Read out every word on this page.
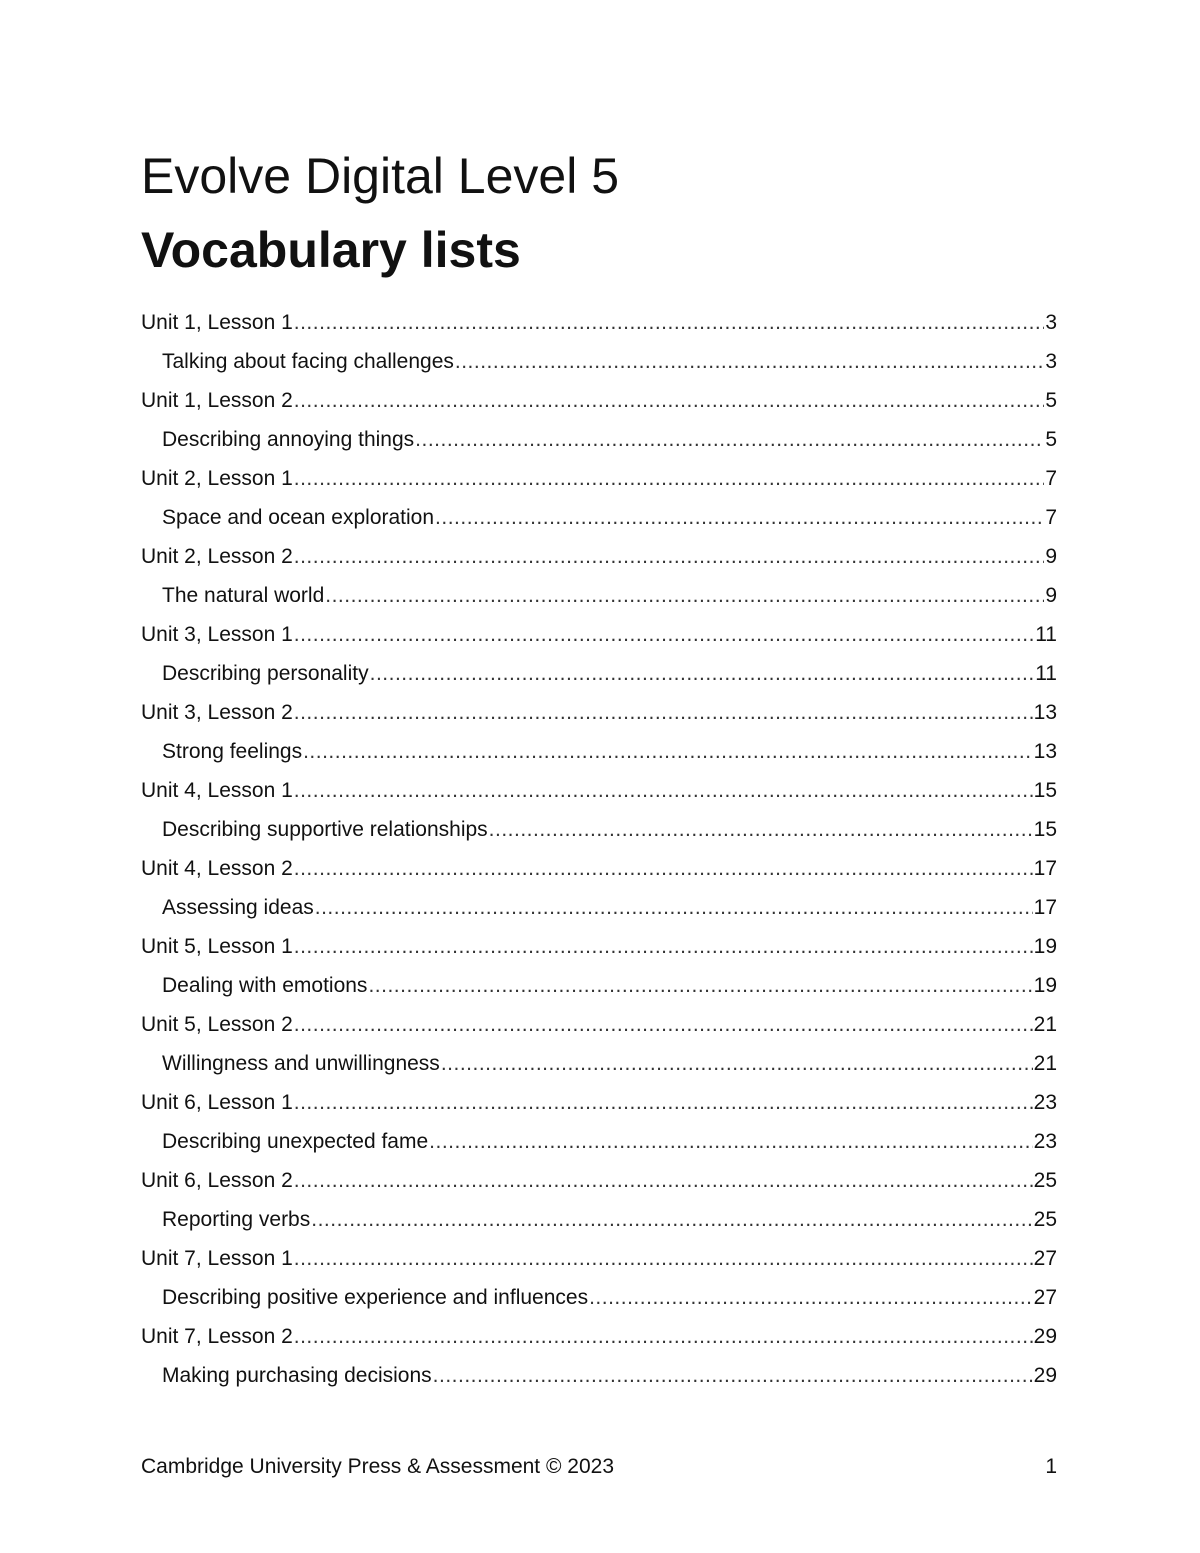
Evolve Digital Level 5
Vocabulary lists
Unit 1, Lesson 1 .....	3
Talking about facing challenges .....	3
Unit 1, Lesson 2 .....	5
Describing annoying things .....	5
Unit 2, Lesson 1 .....	7
Space and ocean exploration .....	7
Unit 2, Lesson 2 .....	9
The natural world .....	9
Unit 3, Lesson 1 .....	11
Describing personality .....	11
Unit 3, Lesson 2 .....	13
Strong feelings .....	13
Unit 4, Lesson 1 .....	15
Describing supportive relationships .....	15
Unit 4, Lesson 2 .....	17
Assessing ideas .....	17
Unit 5, Lesson 1 .....	19
Dealing with emotions .....	19
Unit 5, Lesson 2 .....	21
Willingness and unwillingness .....	21
Unit 6, Lesson 1 .....	23
Describing unexpected fame .....	23
Unit 6, Lesson 2 .....	25
Reporting verbs .....	25
Unit 7, Lesson 1 .....	27
Describing positive experience and influences .....	27
Unit 7, Lesson 2 .....	29
Making purchasing decisions .....	29
Cambridge University Press & Assessment © 2023	1
